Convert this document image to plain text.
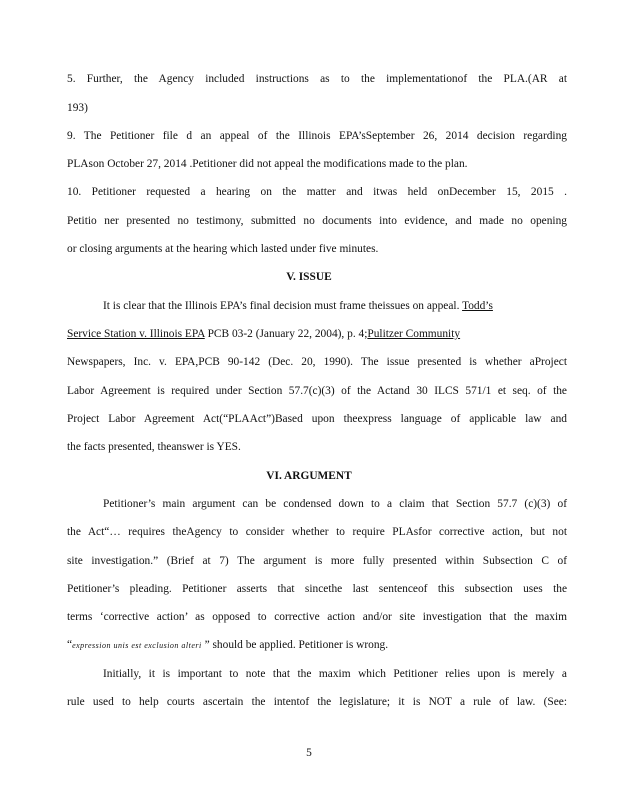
5. Further, the Agency included instructions as to the implementationof the PLA.(AR at
193)
9. The Petitioner file d an appeal of the Illinois EPA’sSeptember 26, 2014 decision regarding
PLAson October 27, 2014 .Petitioner did not appeal the modifications made to the plan.
10. Petitioner requested a hearing on the matter and itwas held onDecember 15, 2015 .
Petitio ner presented no testimony, submitted no documents into evidence, and made no opening
or closing arguments at the hearing which lasted under five minutes.
V. ISSUE
It is clear that the Illinois EPA’s final decision must frame theissues on appeal. Todd’s
Service Station v. Illinois EPA PCB 03-2 (January 22, 2004), p. 4;Pulitzer Community
Newspapers, Inc. v. EPA,PCB 90-142 (Dec. 20, 1990). The issue presented is whether aProject
Labor Agreement is required under Section 57.7(c)(3) of the Actand 30 ILCS 571/1 et seq. of the
Project Labor Agreement Act(“PLAAct”)Based upon theexpress language of applicable law and
the facts presented, theanswer is YES.
VI. ARGUMENT
Petitioner’s main argument can be condensed down to a claim that Section 57.7 (c)(3) of
the Act“… requires theAgency to consider whether to require PLAsfor corrective action, but not
site investigation.” (Brief at 7) The argument is more fully presented within Subsection C of
Petitioner’s pleading. Petitioner asserts that sincethe last sentenceof this subsection uses the
terms ‘corrective action’ as opposed to corrective action and/or site investigation that the maxim
“expression unis est exclusion alteri ” should be applied. Petitioner is wrong.
Initially, it is important to note that the maxim which Petitioner relies upon is merely a
rule used to help courts ascertain the intentof the legislature; it is NOT a rule of law. (See:
5
